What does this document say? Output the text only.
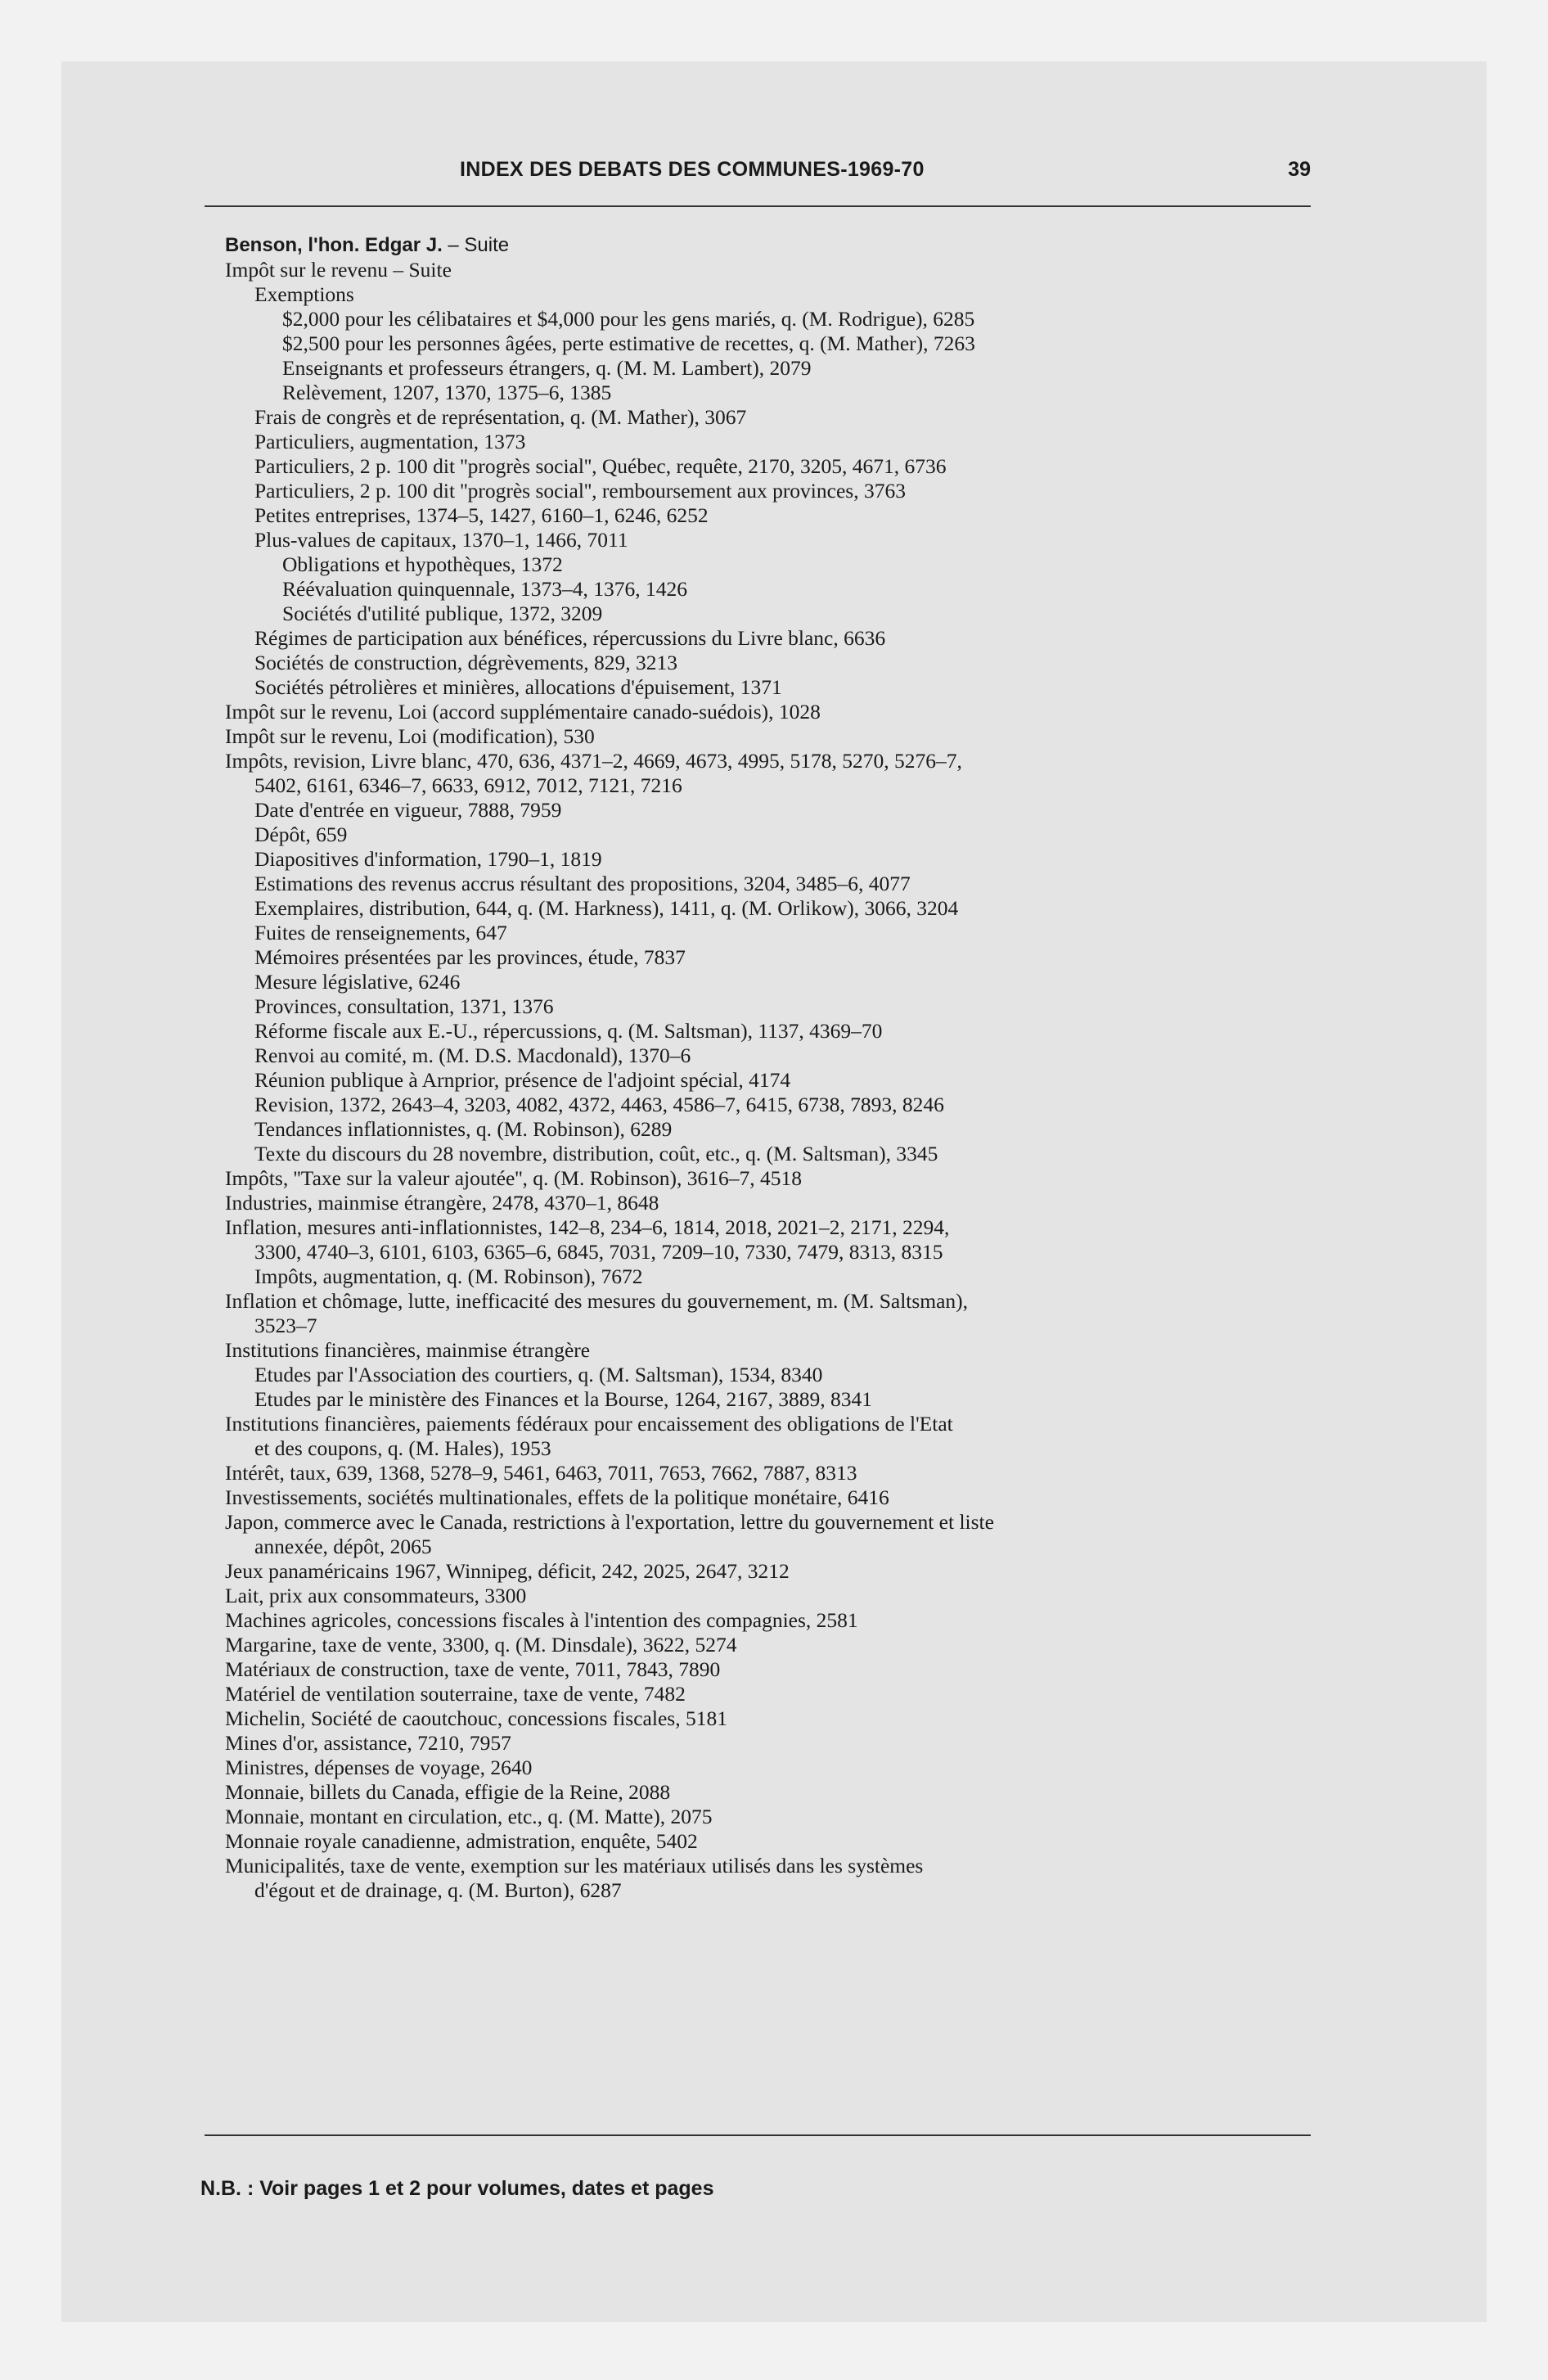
INDEX DES DEBATS DES COMMUNES-1969-70	39
Benson, l'hon. Edgar J. – Suite
Impôt sur le revenu – Suite
Exemptions
$2,000 pour les célibataires et $4,000 pour les gens mariés, q. (M. Rodrigue), 6285
$2,500 pour les personnes âgées, perte estimative de recettes, q. (M. Mather), 7263
Enseignants et professeurs étrangers, q. (M. M. Lambert), 2079
Relèvement, 1207, 1370, 1375–6, 1385
Frais de congrès et de représentation, q. (M. Mather), 3067
Particuliers, augmentation, 1373
Particuliers, 2 p. 100 dit ''progrès social'', Québec, requête, 2170, 3205, 4671, 6736
Particuliers, 2 p. 100 dit ''progrès social'', remboursement aux provinces, 3763
Petites entreprises, 1374–5, 1427, 6160–1, 6246, 6252
Plus-values de capitaux, 1370–1, 1466, 7011
Obligations et hypothèques, 1372
Réévaluation quinquennale, 1373–4, 1376, 1426
Sociétés d'utilité publique, 1372, 3209
Régimes de participation aux bénéfices, répercussions du Livre blanc, 6636
Sociétés de construction, dégrèvements, 829, 3213
Sociétés pétrolières et minières, allocations d'épuisement, 1371
Impôt sur le revenu, Loi (accord supplémentaire canado-suédois), 1028
Impôt sur le revenu, Loi (modification), 530
Impôts, revision, Livre blanc, 470, 636, 4371–2, 4669, 4673, 4995, 5178, 5270, 5276–7,
5402, 6161, 6346–7, 6633, 6912, 7012, 7121, 7216
Date d'entrée en vigueur, 7888, 7959
Dépôt, 659
Diapositives d'information, 1790–1, 1819
Estimations des revenus accrus résultant des propositions, 3204, 3485–6, 4077
Exemplaires, distribution, 644, q. (M. Harkness), 1411, q. (M. Orlikow), 3066, 3204
Fuites de renseignements, 647
Mémoires présentées par les provinces, étude, 7837
Mesure législative, 6246
Provinces, consultation, 1371, 1376
Réforme fiscale aux E.-U., répercussions, q. (M. Saltsman), 1137, 4369–70
Renvoi au comité, m. (M. D.S. Macdonald), 1370–6
Réunion publique à Arnprior, présence de l'adjoint spécial, 4174
Revision, 1372, 2643–4, 3203, 4082, 4372, 4463, 4586–7, 6415, 6738, 7893, 8246
Tendances inflationnistes, q. (M. Robinson), 6289
Texte du discours du 28 novembre, distribution, coût, etc., q. (M. Saltsman), 3345
Impôts, ''Taxe sur la valeur ajoutée'', q. (M. Robinson), 3616–7, 4518
Industries, mainmise étrangère, 2478, 4370–1, 8648
Inflation, mesures anti-inflationnistes, 142–8, 234–6, 1814, 2018, 2021–2, 2171, 2294,
3300, 4740–3, 6101, 6103, 6365–6, 6845, 7031, 7209–10, 7330, 7479, 8313, 8315
Impôts, augmentation, q. (M. Robinson), 7672
Inflation et chômage, lutte, inefficacité des mesures du gouvernement, m. (M. Saltsman),
3523–7
Institutions financières, mainmise étrangère
Etudes par l'Association des courtiers, q. (M. Saltsman), 1534, 8340
Etudes par le ministère des Finances et la Bourse, 1264, 2167, 3889, 8341
Institutions financières, paiements fédéraux pour encaissement des obligations de l'Etat
et des coupons, q. (M. Hales), 1953
Intérêt, taux, 639, 1368, 5278–9, 5461, 6463, 7011, 7653, 7662, 7887, 8313
Investissements, sociétés multinationales, effets de la politique monétaire, 6416
Japon, commerce avec le Canada, restrictions à l'exportation, lettre du gouvernement et liste
annexée, dépôt, 2065
Jeux panaméricains 1967, Winnipeg, déficit, 242, 2025, 2647, 3212
Lait, prix aux consommateurs, 3300
Machines agricoles, concessions fiscales à l'intention des compagnies, 2581
Margarine, taxe de vente, 3300, q. (M. Dinsdale), 3622, 5274
Matériaux de construction, taxe de vente, 7011, 7843, 7890
Matériel de ventilation souterraine, taxe de vente, 7482
Michelin, Société de caoutchouc, concessions fiscales, 5181
Mines d'or, assistance, 7210, 7957
Ministres, dépenses de voyage, 2640
Monnaie, billets du Canada, effigie de la Reine, 2088
Monnaie, montant en circulation, etc., q. (M. Matte), 2075
Monnaie royale canadienne, admistration, enquête, 5402
Municipalités, taxe de vente, exemption sur les matériaux utilisés dans les systèmes
d'égout et de drainage, q. (M. Burton), 6287
N.B. : Voir pages 1 et 2 pour volumes, dates et pages
